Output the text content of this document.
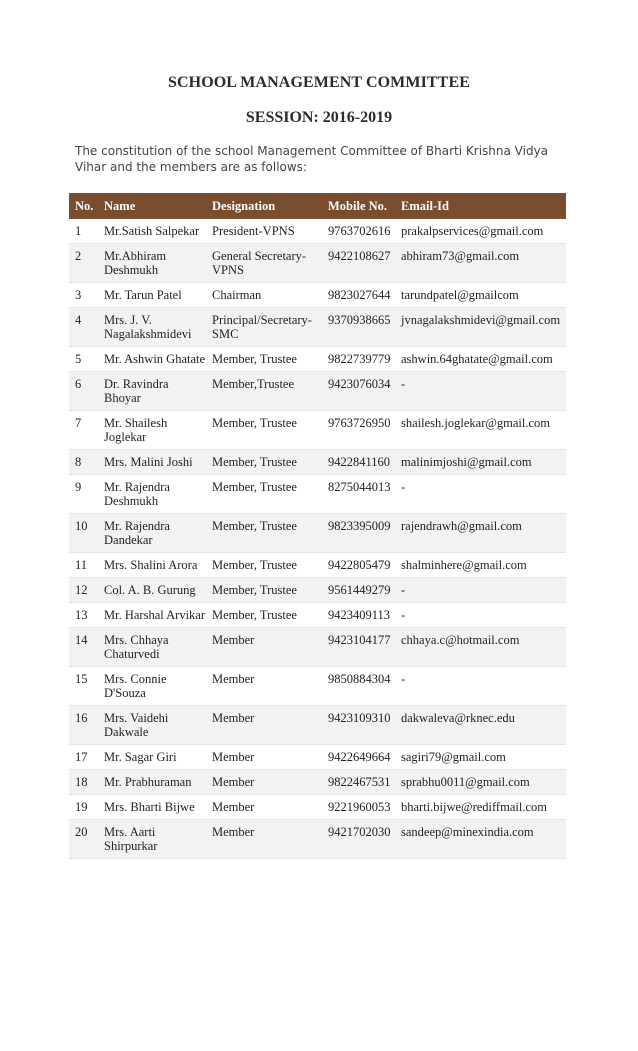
SCHOOL MANAGEMENT COMMITTEE
SESSION: 2016-2019

The constitution of the school Management Committee of Bharti Krishna Vidya Vihar and the members are as follows:

No.	Name	Designation	Mobile No.	Email-Id
1	Mr.Satish Salpekar	President-VPNS	9763702616	prakalpservices@gmail.com
2	Mr.Abhiram Deshmukh	General Secretary-VPNS	9422108627	abhiram73@gmail.com
3	Mr. Tarun Patel	Chairman	9823027644	tarundpatel@gmailcom
4	Mrs. J. V. Nagalakshmidevi	Principal/Secretary-SMC	9370938665	jvnagalakshmidevi@gmail.com
5	Mr. Ashwin Ghatate	Member, Trustee	9822739779	ashwin.64ghatate@gmail.com
6	Dr. Ravindra Bhoyar	Member,Trustee	9423076034	-
7	Mr. Shailesh Joglekar	Member, Trustee	9763726950	shailesh.joglekar@gmail.com
8	Mrs. Malini Joshi	Member, Trustee	9422841160	malinimjoshi@gmail.com
9	Mr. Rajendra Deshmukh	Member, Trustee	8275044013	-
10	Mr. Rajendra Dandekar	Member, Trustee	9823395009	rajendrawh@gmail.com
11	Mrs. Shalini Arora	Member, Trustee	9422805479	shalminhere@gmail.com
12	Col. A. B. Gurung	Member, Trustee	9561449279	-
13	Mr. Harshal Arvikar	Member, Trustee	9423409113	-
14	Mrs. Chhaya Chaturvedi	Member	9423104177	chhaya.c@hotmail.com
15	Mrs. Connie D'Souza	Member	9850884304	-
16	Mrs. Vaidehi Dakwale	Member	9423109310	dakwaleva@rknec.edu
17	Mr. Sagar Giri	Member	9422649664	sagiri79@gmail.com
18	Mr. Prabhuraman	Member	9822467531	sprabhu0011@gmail.com
19	Mrs. Bharti Bijwe	Member	9221960053	bharti.bijwe@rediffmail.com
20	Mrs. Aarti Shirpurkar	Member	9421702030	sandeep@minexindia.com
